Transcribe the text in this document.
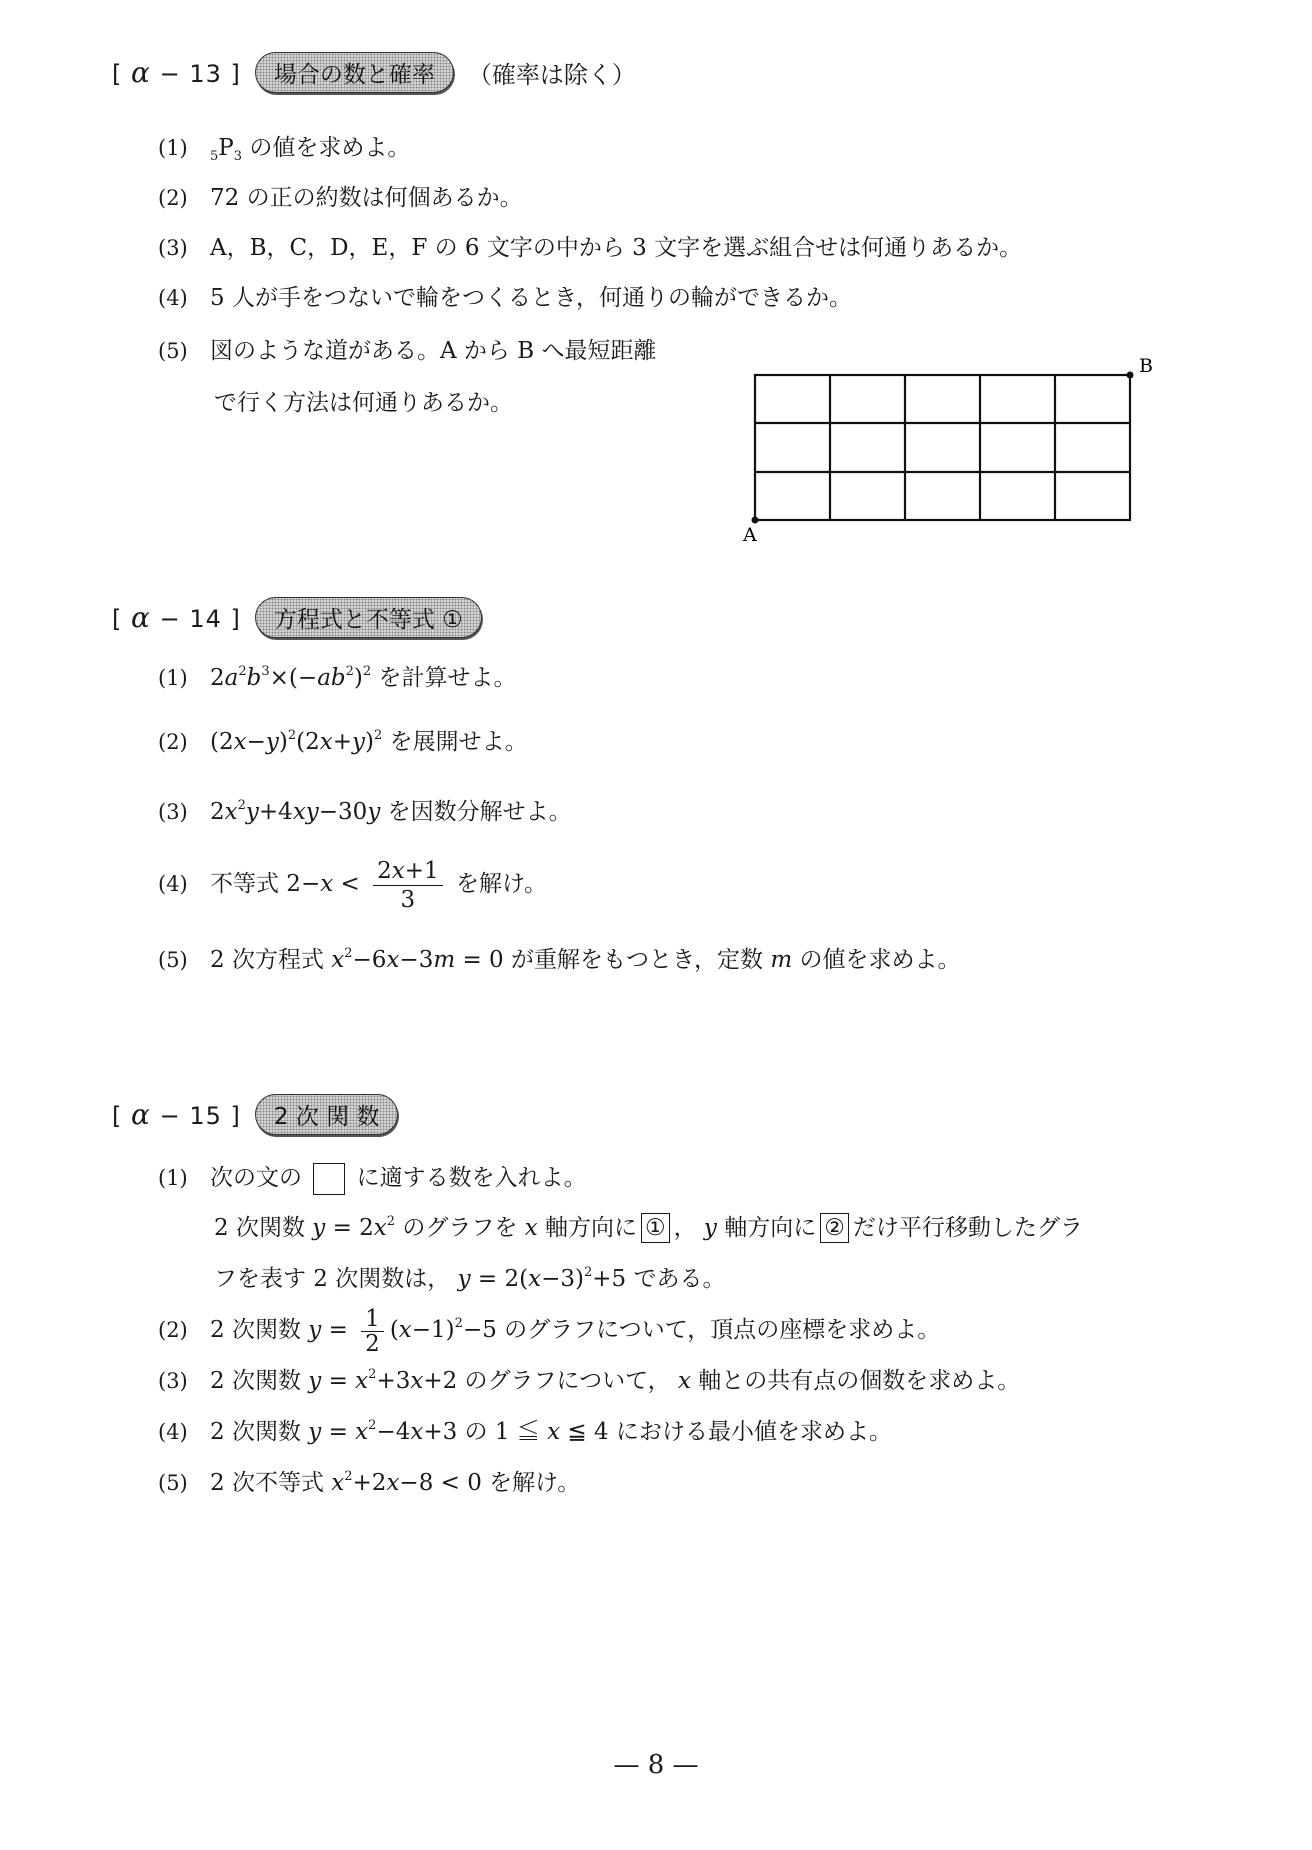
[ α − 13 ]	場合の数と確率	（確率は除く）
(1) $_5P_3$ の値を求めよ。
(2) 72 の正の約数は何個あるか。
(3) A，B，C，D，E，F の 6 文字の中から 3 文字を選ぶ組合せは何通りあるか。
(4) 5 人が手をつないで輪をつくるとき，何通りの輪ができるか。
(5) 図のような道がある。A から B へ最短距離
で行く方法は何通りあるか。
A
B
[ α − 14 ]	方程式と不等式 ①
(1) $2a^2b^3\times(-ab^2)^2$ を計算せよ。
(2) $(2x-y)^2(2x+y)^2$ を展開せよ。
(3) $2x^2y+4xy-30y$ を因数分解せよ。
(4) 不等式 $2-x < \frac{2x+1}{3}$ を解け。
(5) 2 次方程式 $x^2-6x-3m = 0$ が重解をもつとき，定数 m の値を求めよ。
[ α − 15 ]	2 次 関 数
(1) 次の文の  に適する数を入れよ。
2 次関数 $y = 2x^2$ のグラフを x 軸方向に ① ， y 軸方向に ② だけ平行移動したグラ
フを表す 2 次関数は， $y = 2(x-3)^2+5$ である。
(2) 2 次関数 $y = \frac{1}{2} (x-1)^2-5$ のグラフについて，頂点の座標を求めよ。
(3) 2 次関数 $y = x^2+3x+2$ のグラフについて， x 軸との共有点の個数を求めよ。
(4) 2 次関数 $y = x^2-4x+3$ の 1 ≦ x ≦ 4 における最小値を求めよ。
(5) 2 次不等式 $x^2+2x-8 < 0$ を解け。
— 8 —
